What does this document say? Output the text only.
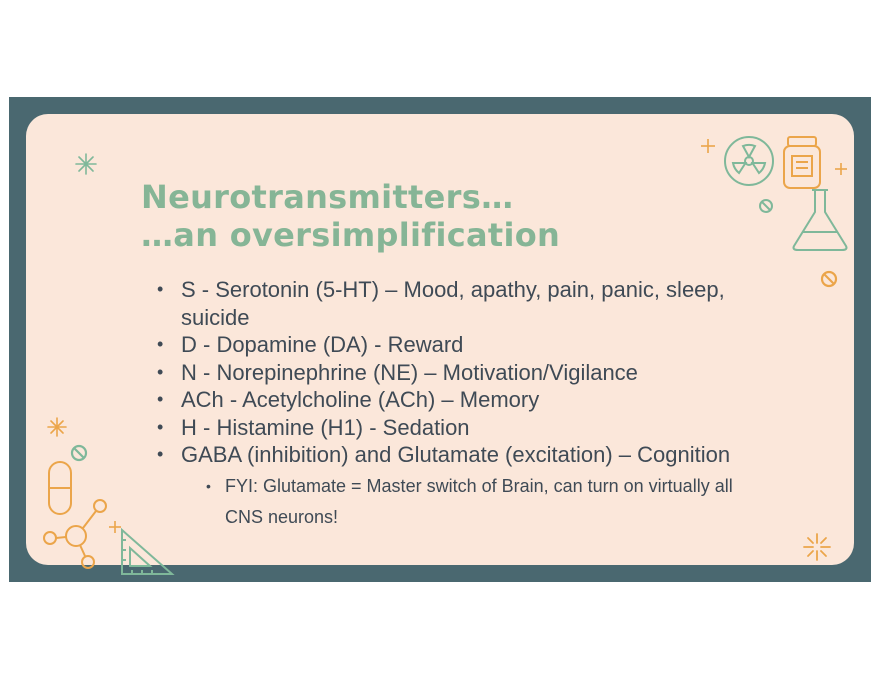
Neurotransmitters…
…an oversimplification
• S - Serotonin (5-HT) – Mood, apathy, pain, panic, sleep, suicide
• D - Dopamine (DA) - Reward
• N - Norepinephrine (NE) – Motivation/Vigilance
• ACh - Acetylcholine (ACh) – Memory
• H - Histamine (H1) - Sedation
• GABA (inhibition) and Glutamate (excitation) – Cognition
• FYI: Glutamate = Master switch of Brain, can turn on virtually all CNS neurons!
